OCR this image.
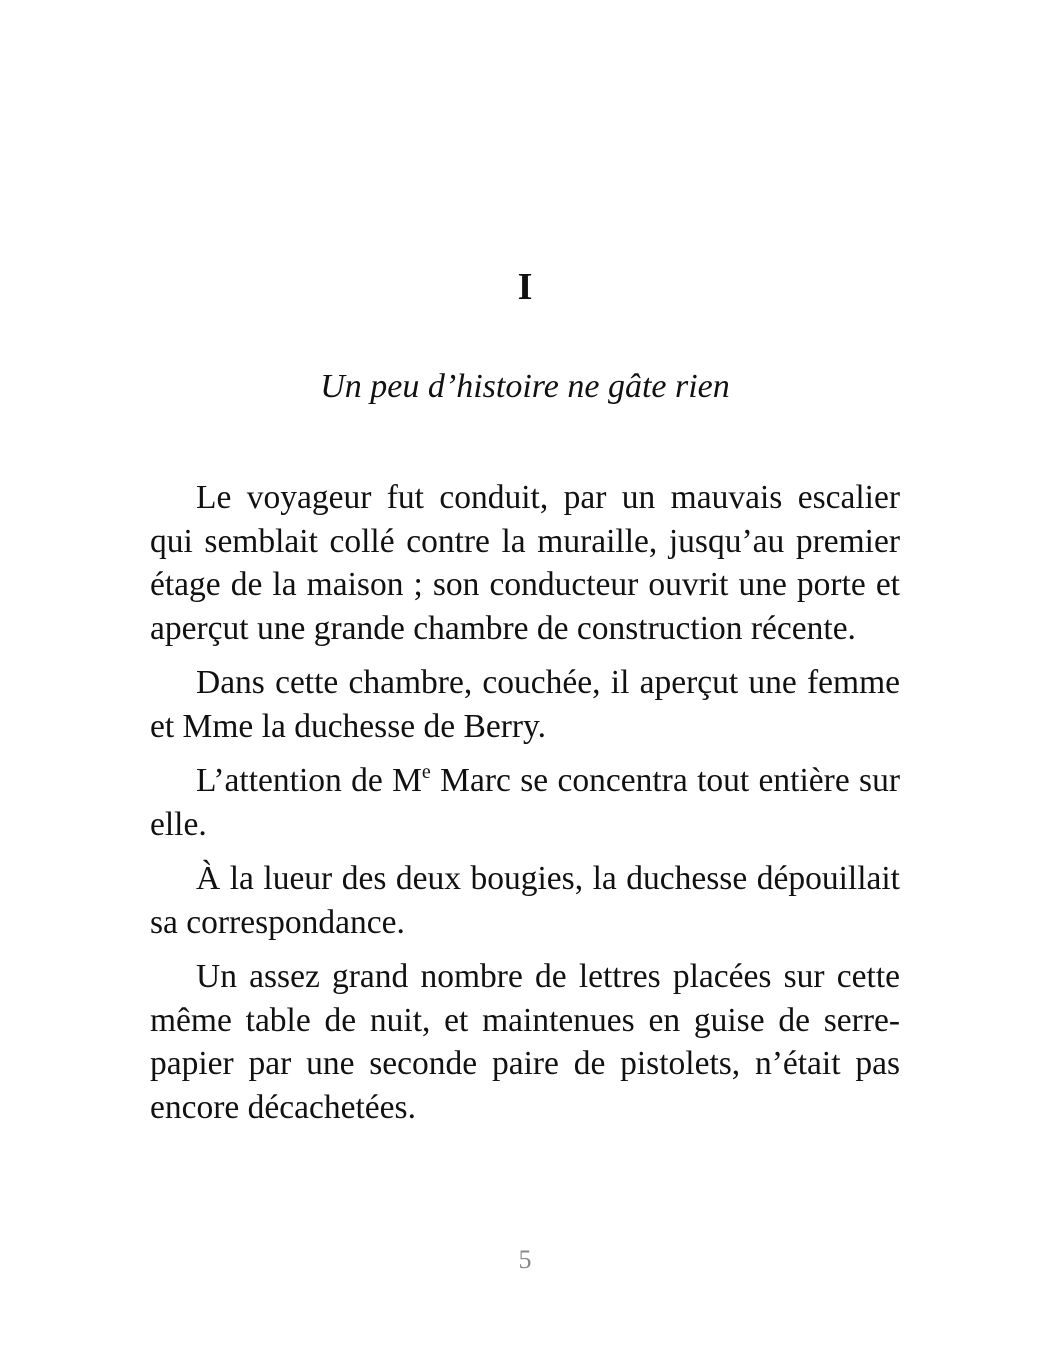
I
Un peu d’histoire ne gâte rien

Le voyageur fut conduit, par un mauvais escalier qui semblait collé contre la muraille, jusqu’au premier étage de la maison ; son conducteur ouvrit une porte et aperçut une grande chambre de construction récente.

Dans cette chambre, couchée, il aperçut une femme et Mme la duchesse de Berry.

L’attention de Me Marc se concentra tout entière sur elle.

À la lueur des deux bougies, la duchesse dépouillait sa correspondance.

Un assez grand nombre de lettres placées sur cette même table de nuit, et maintenues en guise de serre-papier par une seconde paire de pistolets, n’était pas encore décachetées.

5
